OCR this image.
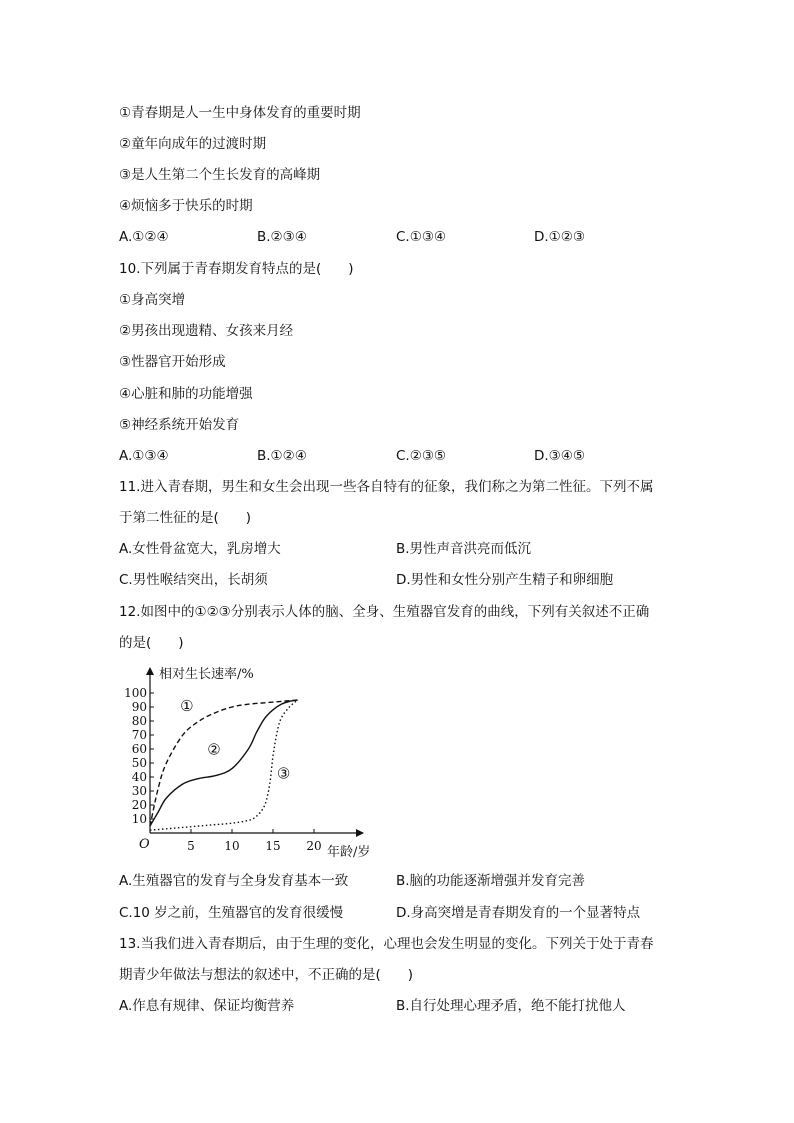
①青春期是人一生中身体发育的重要时期
②童年向成年的过渡时期
③是人生第二个生长发育的高峰期
④烦恼多于快乐的时期
A.①②④	B.②③④	C.①③④	D.①②③
10.下列属于青春期发育特点的是(　　)
①身高突增
②男孩出现遗精、女孩来月经
③性器官开始形成
④心脏和肺的功能增强
⑤神经系统开始发育
A.①③④	B.①②④	C.②③⑤	D.③④⑤
11.进入青春期，男生和女生会出现一些各自特有的征象，我们称之为第二性征。下列不属
于第二性征的是(　　)
A.女性骨盆宽大，乳房增大	B.男性声音洪亮而低沉
C.男性喉结突出，长胡须	D.男性和女性分别产生精子和卵细胞
12.如图中的①②③分别表示人体的脑、全身、生殖器官发育的曲线，下列有关叙述不正确
的是(　　)
相对生长速率/%
年龄/岁
O
10
20
30
40
50
60
70
80
90
100
5 10 15 20
①
②
③
A.生殖器官的发育与全身发育基本一致	B.脑的功能逐渐增强并发育完善
C.10 岁之前，生殖器官的发育很缓慢	D.身高突增是青春期发育的一个显著特点
13.当我们进入青春期后，由于生理的变化，心理也会发生明显的变化。下列关于处于青春
期青少年做法与想法的叙述中，不正确的是(　　)
A.作息有规律、保证均衡营养	B.自行处理心理矛盾，绝不能打扰他人
